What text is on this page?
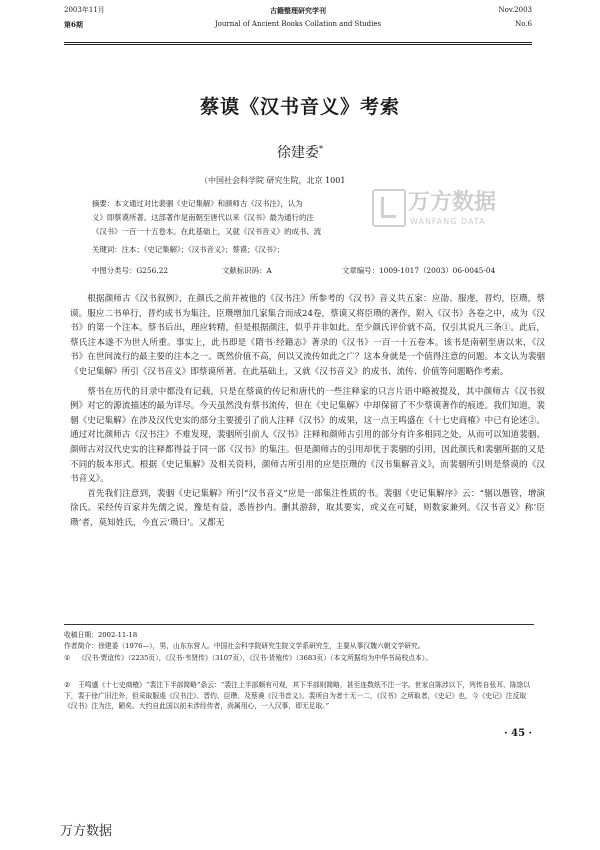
2003年11月	古籍整理研究学刊	Nov.2003
第6期	Journal of Ancient Books Collation and Studies	No.6
蔡谟《汉书音义》考索
徐建委*
（中国社会科学院 研究生院，北京 1001
万方数据
WANFANG DATA
摘要：本文通过对比裴骃《史记集解》和颜师古《汉书注》，认为
义》即蔡谟所著。这部著作是南朝至唐代以来《汉书》最为通行的注
《汉书》一百一十五卷本。在此基础上，又就《汉书音义》的成书、流
关键词：注本；《史记集解》；《汉书音义》；蔡谟；《汉书》；
中图分类号：G256.22	文献标识码：A	文章编号：1009-1017（2003）06-0045-04

根据颜师古《汉书叙例》，在颜氏之前并被他的《汉书注》所参考的《汉书》音义共五家：应劭、服虔，晋灼，臣瓒，蔡谟。服应二书单行，晋灼成书为集注，臣瓒增加几家集合而成24卷，蔡谟又将臣瓒的著作，附入《汉书》各卷之中，成为《汉书》的第一个注本。蔡书后出，理应转精，但是根据颜注，似乎并非如此。至少颜氏评价就不高，仅引其说凡三条①。此后，蔡氏注本遂不为世人所重。事实上，此书即是《隋书·经籍志》著录的《汉书》一百一十五卷本。该书是南朝至唐以来，《汉书》在世间流行的最主要的注本之一。既然价值不高，何以又流传如此之广？这本身就是一个值得注意的问题。本文认为裴骃《史记集解》所引《汉书音义》即蔡谟所著。在此基础上，又就《汉书音义》的成书、流传、价值等问题略作考索。

蔡书在历代的目录中都没有记载，只是在蔡谟的传记和唐代的一些注释家的只言片语中略被提及，其中颜师古《汉书叙例》对它的源流描述的最为详尽。今天虽然没有蔡书流传，但在《史记集解》中却保留了不少蔡谟著作的痕迹。我们知道，裴骃《史记集解》在涉及汉代史实的部分主要援引了前人注释《汉书》的成果，这一点王鸣盛在《十七史商榷》中已有论述②。通过对比颜师古《汉书注》不难发现，裴骃所引前人《汉书》注释和颜师古引用的部分有许多相同之处，从而可以知道裴骃、颜师古对汉代史实的注释都得益于同一部《汉书》的集注。但是颜师古的引用却优于裴骃的引用，因此颜氏和裴骃所据的又是不同的版本形式。根据《史记集解》及相关资料，颜师古所引用的应是臣瓒的《汉书集解音义》，而裴骃所引则是蔡谟的《汉书音义》。

首先我们注意到，裴骃《史记集解》所引“汉书音义”应是一部集注性质的书。裴骃《史记集解序》云：“骃以愚管，增演徐氏。采经传百家并先儒之说，豫是有益，悉皆抄内。删其游辞，取其要实，或义在可疑，则数家兼列。《汉书音义》称‘臣瓒’者，莫知姓氏，今直云‘瓒曰’。又都无

收稿日期：2002-11-18
作者简介：徐建委（1976—），男，山东东营人。中国社会科学院研究生院文学系研究生，主要从事汉魏六朝文学研究。
① 《汉书·贾谊传》（2235页），《汉书·韦贤传》（3107页），《汉书·货殖传》（3683页）（本文所据均为中华书局校点本）。
② 王鸣盛《十七史商榷》“裴注下半部简略”条云：“裴注上半部颇有可观，其下半部则简略，甚至连数纸不注一字。世家自陈涉以下，列传自张耳、陈馀以下，裴于徐广旧注外，但采取服虔《汉书注》、晋灼、臣瓒、及蔡谟《汉书音义》。裴所自为者十无一二，《汉书》之所取者，《史记》也，今《史记》注反取《汉书》注为注，陋矣。大约自此国以前未涉经传者，尚属用心，一入汉事，即无足取。”
· 45 ·
万方数据
